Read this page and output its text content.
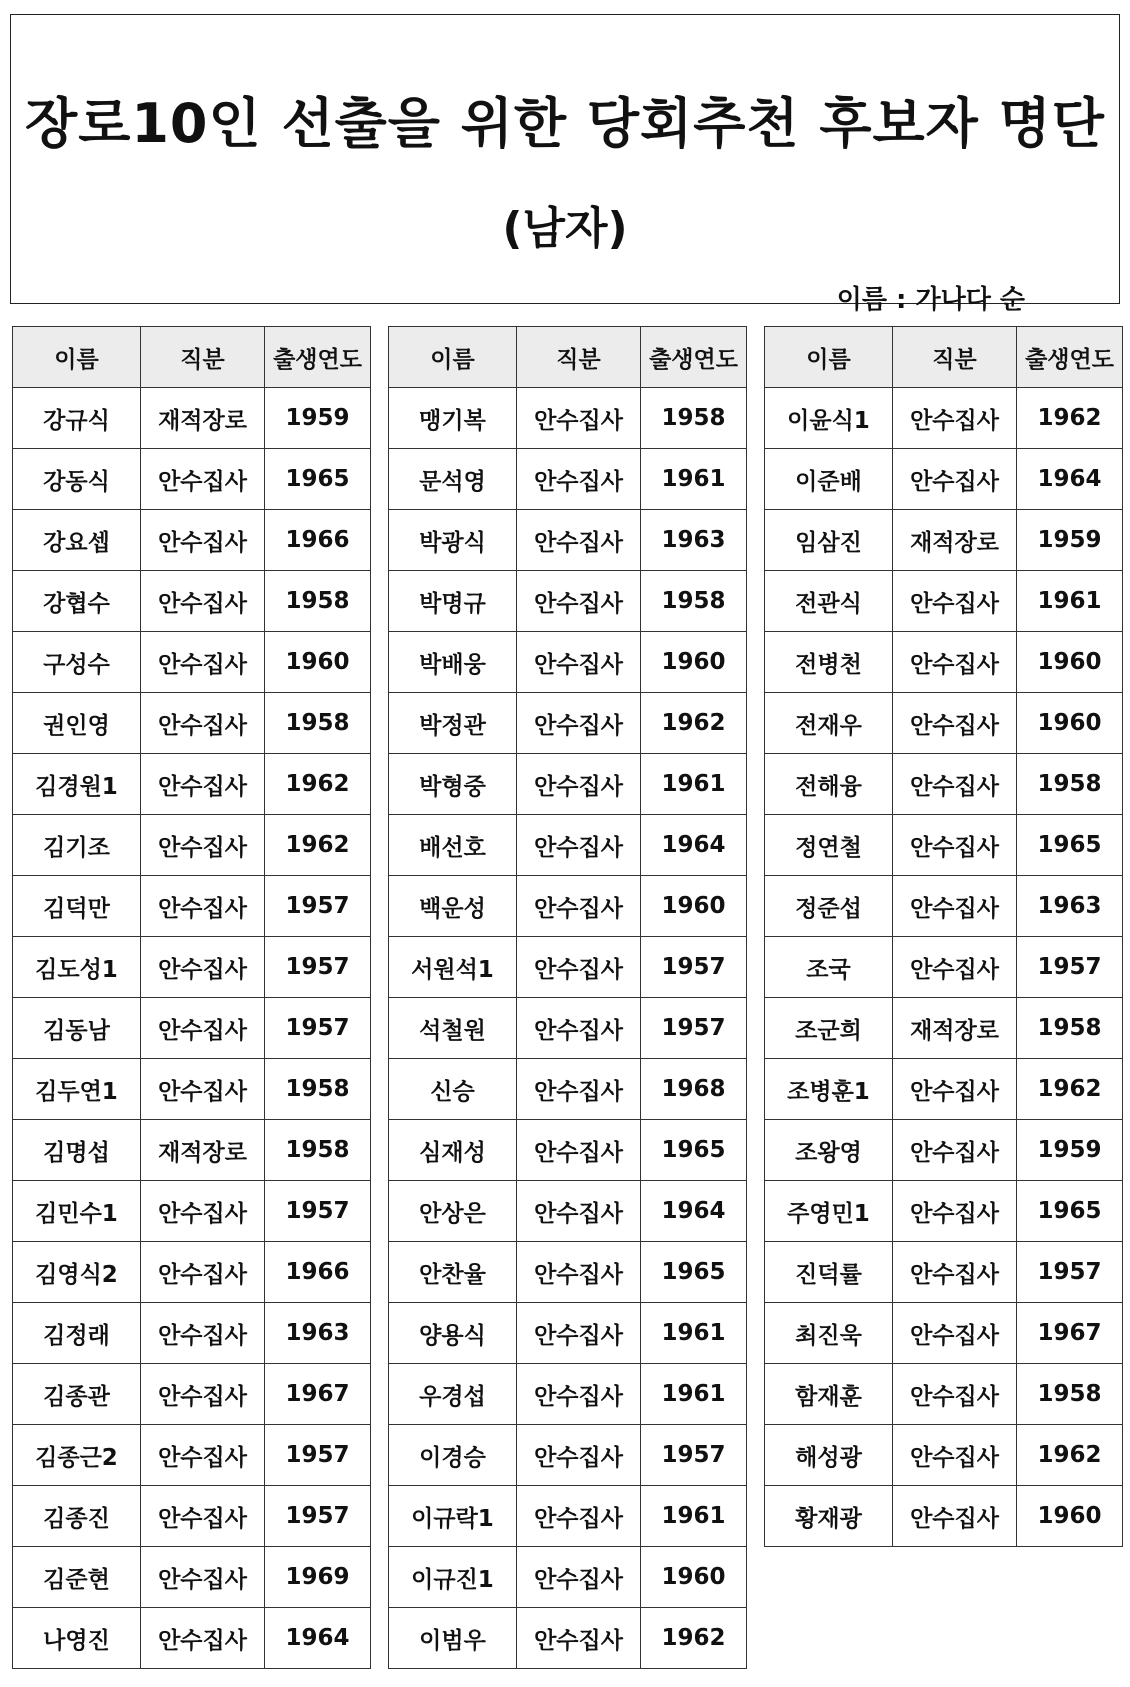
장로10인 선출을 위한 당회추천 후보자 명단
(남자)
이름 : 가나다 순
이름	직분	출생연도
강규식	재적장로	1959
강동식	안수집사	1965
강요셉	안수집사	1966
강협수	안수집사	1958
구성수	안수집사	1960
권인영	안수집사	1958
김경원1	안수집사	1962
김기조	안수집사	1962
김덕만	안수집사	1957
김도성1	안수집사	1957
김동남	안수집사	1957
김두연1	안수집사	1958
김명섭	재적장로	1958
김민수1	안수집사	1957
김영식2	안수집사	1966
김정래	안수집사	1963
김종관	안수집사	1967
김종근2	안수집사	1957
김종진	안수집사	1957
김준현	안수집사	1969
나영진	안수집사	1964
이름	직분	출생연도
맹기복	안수집사	1958
문석영	안수집사	1961
박광식	안수집사	1963
박명규	안수집사	1958
박배웅	안수집사	1960
박정관	안수집사	1962
박형중	안수집사	1961
배선호	안수집사	1964
백운성	안수집사	1960
서원석1	안수집사	1957
석철원	안수집사	1957
신승	안수집사	1968
심재성	안수집사	1965
안상은	안수집사	1964
안찬율	안수집사	1965
양용식	안수집사	1961
우경섭	안수집사	1961
이경승	안수집사	1957
이규락1	안수집사	1961
이규진1	안수집사	1960
이범우	안수집사	1962
이름	직분	출생연도
이윤식1	안수집사	1962
이준배	안수집사	1964
임삼진	재적장로	1959
전관식	안수집사	1961
전병천	안수집사	1960
전재우	안수집사	1960
전해융	안수집사	1958
정연철	안수집사	1965
정준섭	안수집사	1963
조국	안수집사	1957
조군희	재적장로	1958
조병훈1	안수집사	1962
조왕영	안수집사	1959
주영민1	안수집사	1965
진덕률	안수집사	1957
최진욱	안수집사	1967
함재훈	안수집사	1958
해성광	안수집사	1962
황재광	안수집사	1960
